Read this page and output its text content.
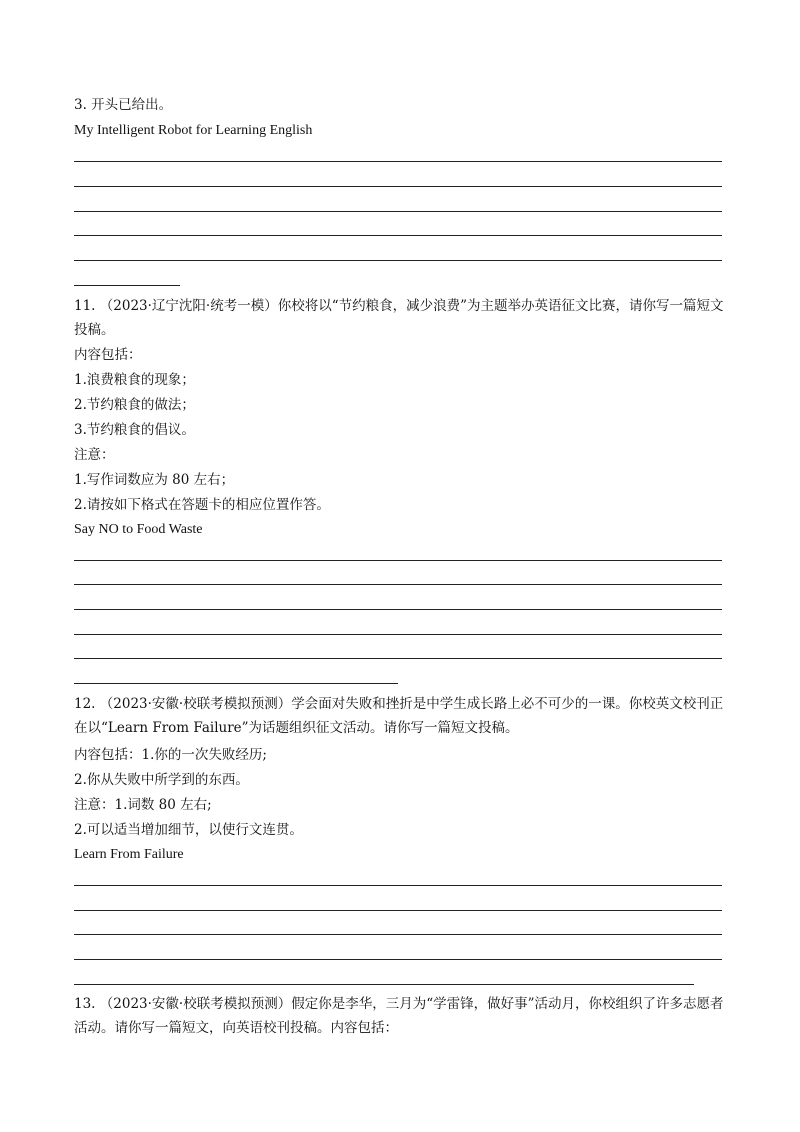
3. 开头已给出。

My Intelligent Robot for Learning English

11. （2023·辽宁沈阳·统考一模）你校将以“节约粮食，减少浪费”为主题举办英语征文比赛，请你写一篇短文投稿。

内容包括：

1.浪费粮食的现象；

2.节约粮食的做法；

3.节约粮食的倡议。

注意：

1.写作词数应为 80 左右；

2.请按如下格式在答题卡的相应位置作答。

Say NO to Food Waste

12. （2023·安徽·校联考模拟预测）学会面对失败和挫折是中学生成长路上必不可少的一课。你校英文校刊正在以“Learn From Failure”为话题组织征文活动。请你写一篇短文投稿。

内容包括：1.你的一次失败经历;

2.你从失败中所学到的东西。

注意：1.词数 80 左右;

2.可以适当增加细节，以使行文连贯。

Learn From Failure

13. （2023·安徽·校联考模拟预测）假定你是李华，三月为“学雷锋，做好事”活动月，你校组织了许多志愿者活动。请你写一篇短文，向英语校刊投稿。内容包括：
